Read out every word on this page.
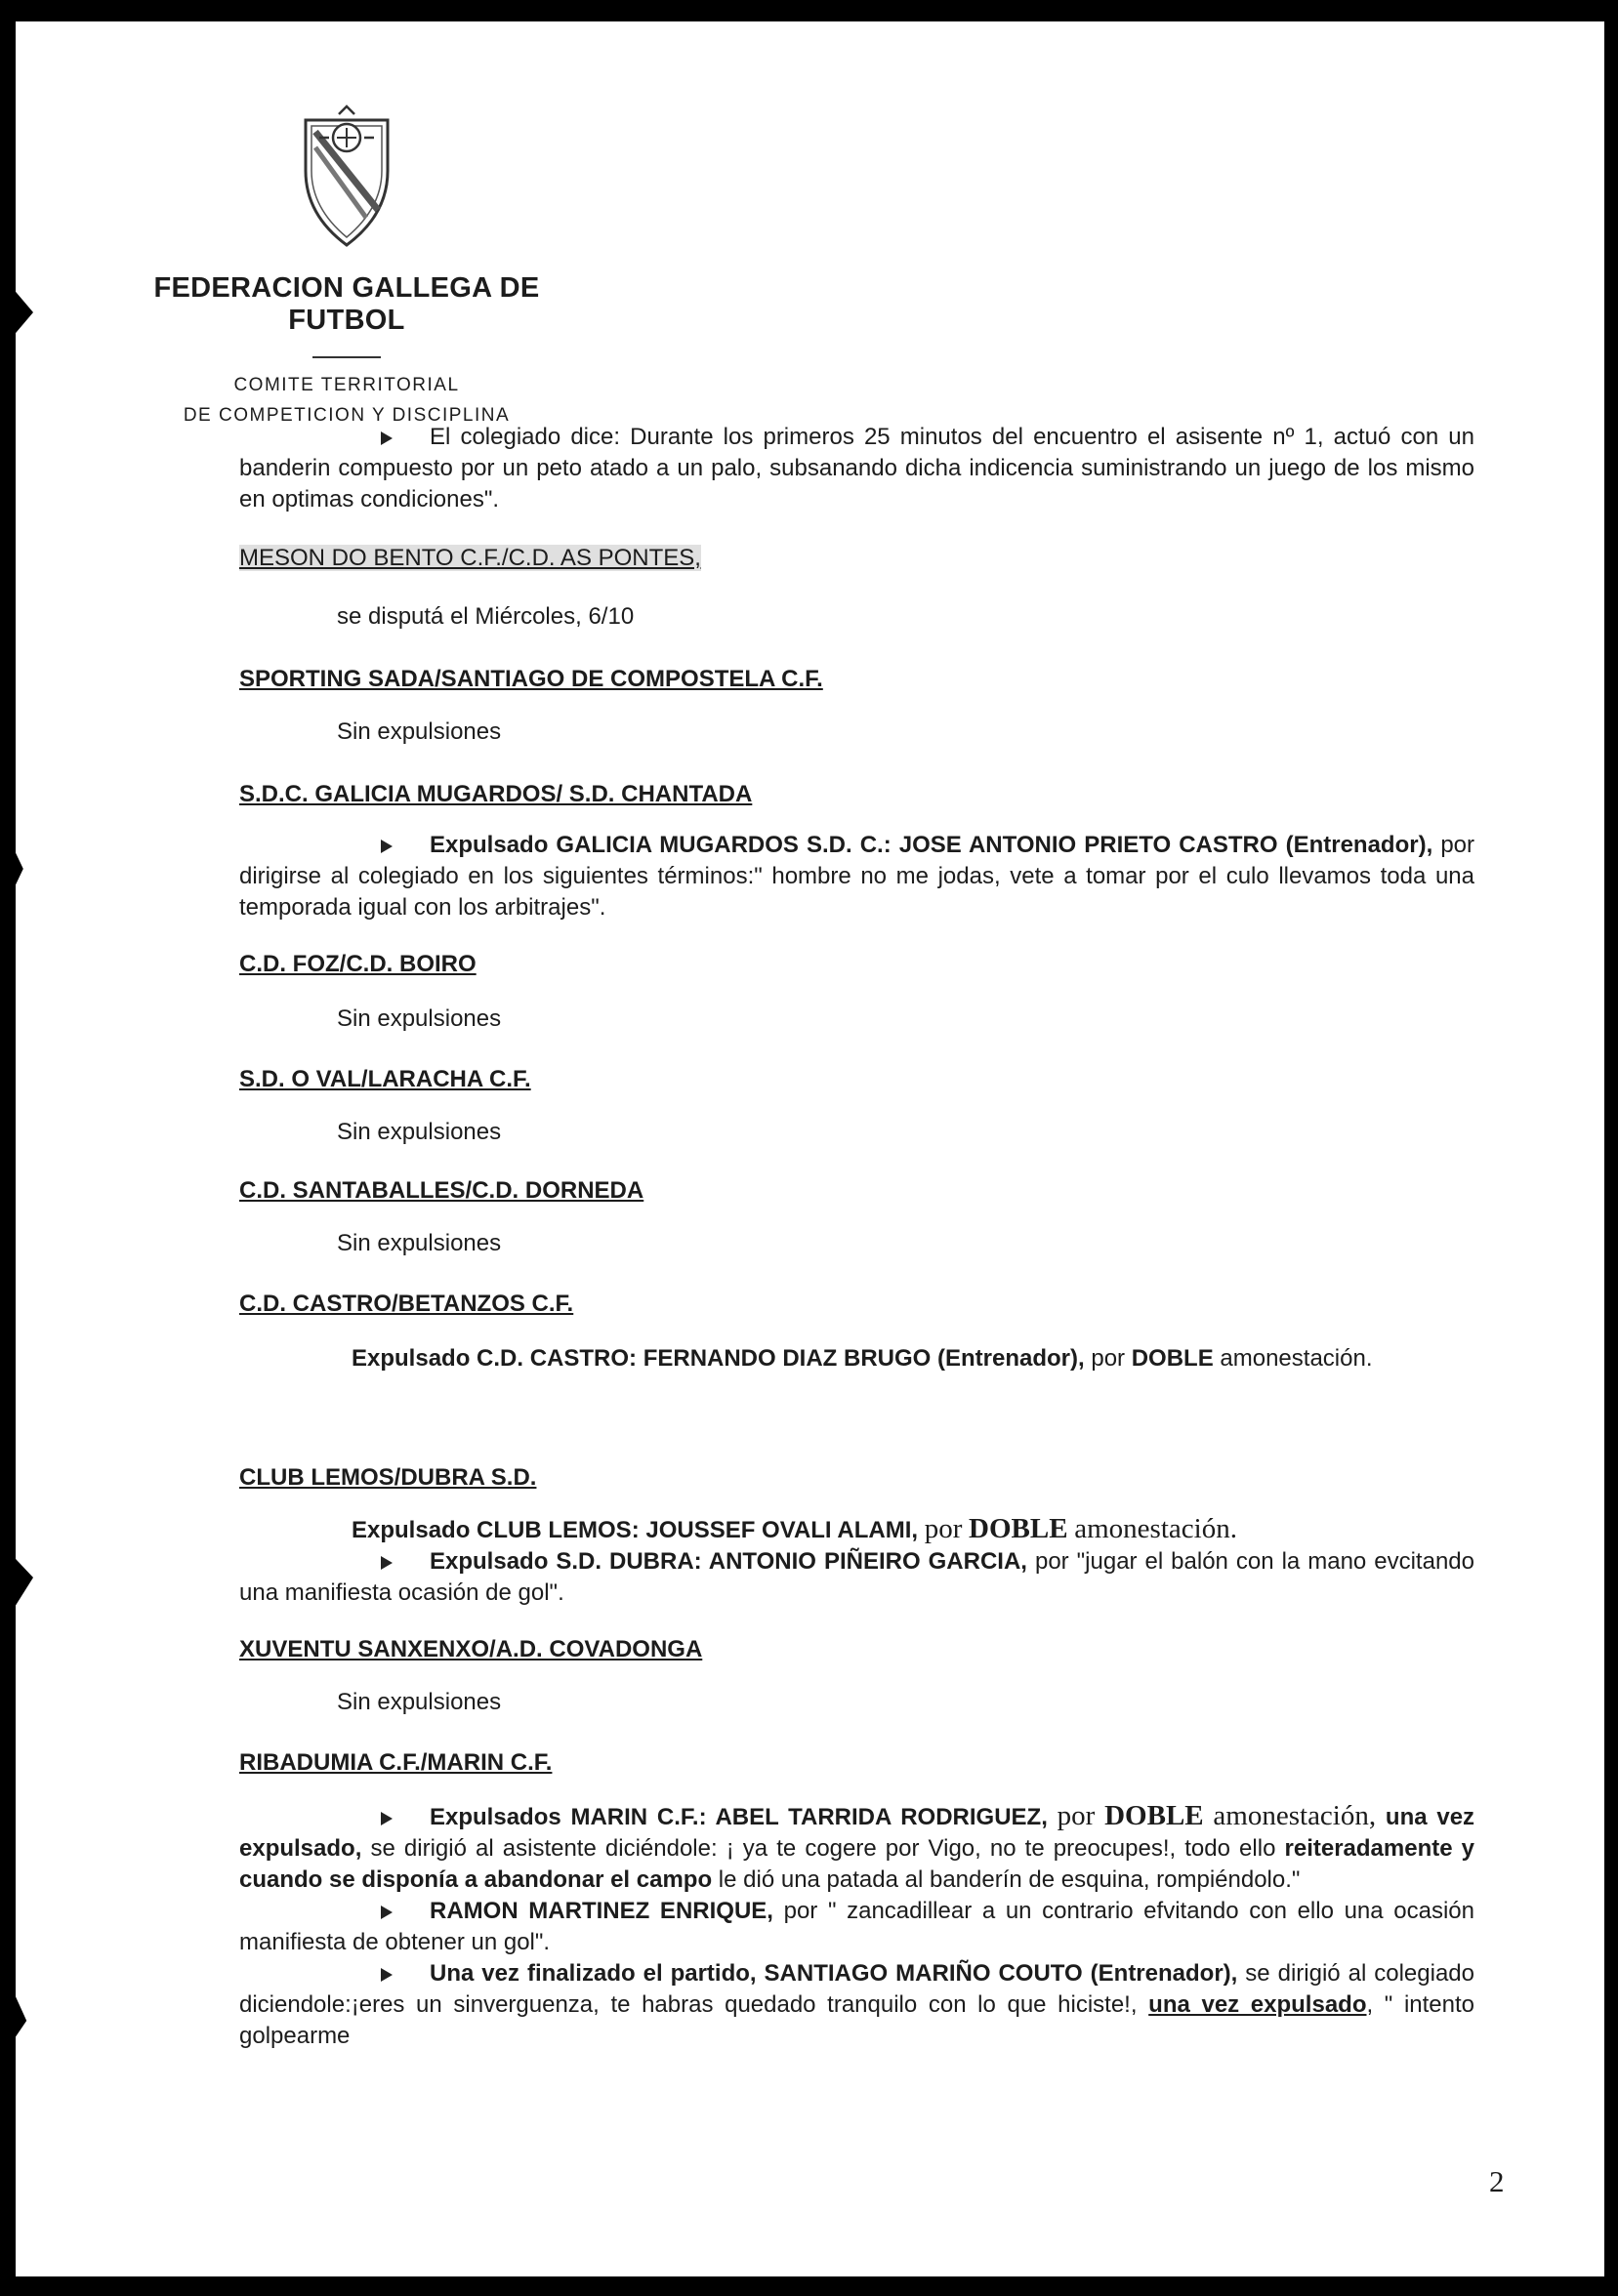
FEDERACION GALLEGA DE FUTBOL
COMITE TERRITORIAL
DE COMPETICION Y DISCIPLINA

El colegiado dice: Durante los primeros 25 minutos del encuentro el asisente nº 1, actuó con un banderin compuesto por un peto atado a un palo, subsanando dicha indicencia suministrando un juego de los mismo en optimas condiciones".

MESON DO BENTO C.F./C.D. AS PONTES,

se disputá el Miércoles, 6/10

SPORTING SADA/SANTIAGO DE COMPOSTELA C.F.

Sin expulsiones

S.D.C. GALICIA MUGARDOS/ S.D. CHANTADA

Expulsado GALICIA MUGARDOS S.D. C.: JOSE ANTONIO PRIETO CASTRO (Entrenador), por dirigirse al colegiado en los siguientes términos:" hombre no me jodas, vete a tomar por el culo llevamos toda una temporada igual con los arbitrajes".

C.D. FOZ/C.D. BOIRO

Sin expulsiones

S.D. O VAL/LARACHA C.F.

Sin expulsiones

C.D. SANTABALLES/C.D. DORNEDA

Sin expulsiones

C.D. CASTRO/BETANZOS C.F.

Expulsado C.D. CASTRO: FERNANDO DIAZ BRUGO (Entrenador), por DOBLE amonestación.

CLUB LEMOS/DUBRA S.D.

Expulsado CLUB LEMOS: JOUSSEF OVALI ALAMI, por DOBLE amonestación.

Expulsado S.D. DUBRA: ANTONIO PIÑEIRO GARCIA, por "jugar el balón con la mano evcitando una manifiesta ocasión de gol".

XUVENTU SANXENXO/A.D. COVADONGA

Sin expulsiones

RIBADUMIA C.F./MARIN C.F.

Expulsados MARIN C.F.: ABEL TARRIDA RODRIGUEZ, por DOBLE amonestación, una vez expulsado, se dirigió al asistente diciéndole: ¡ ya te cogere por Vigo, no te preocupes!, todo ello reiteradamente y cuando se disponía a abandonar el campo le dió una patada al banderín de esquina, rompiéndolo."

RAMON MARTINEZ ENRIQUE, por " zancadillear a un contrario efvitando con ello una ocasión manifiesta de obtener un gol".

Una vez finalizado el partido, SANTIAGO MARIÑO COUTO (Entrenador), se dirigió al colegiado diciendole:¡eres un sinverguenza, te habras quedado tranquilo con lo que hiciste!, una vez expulsado, " intento golpearme

2
